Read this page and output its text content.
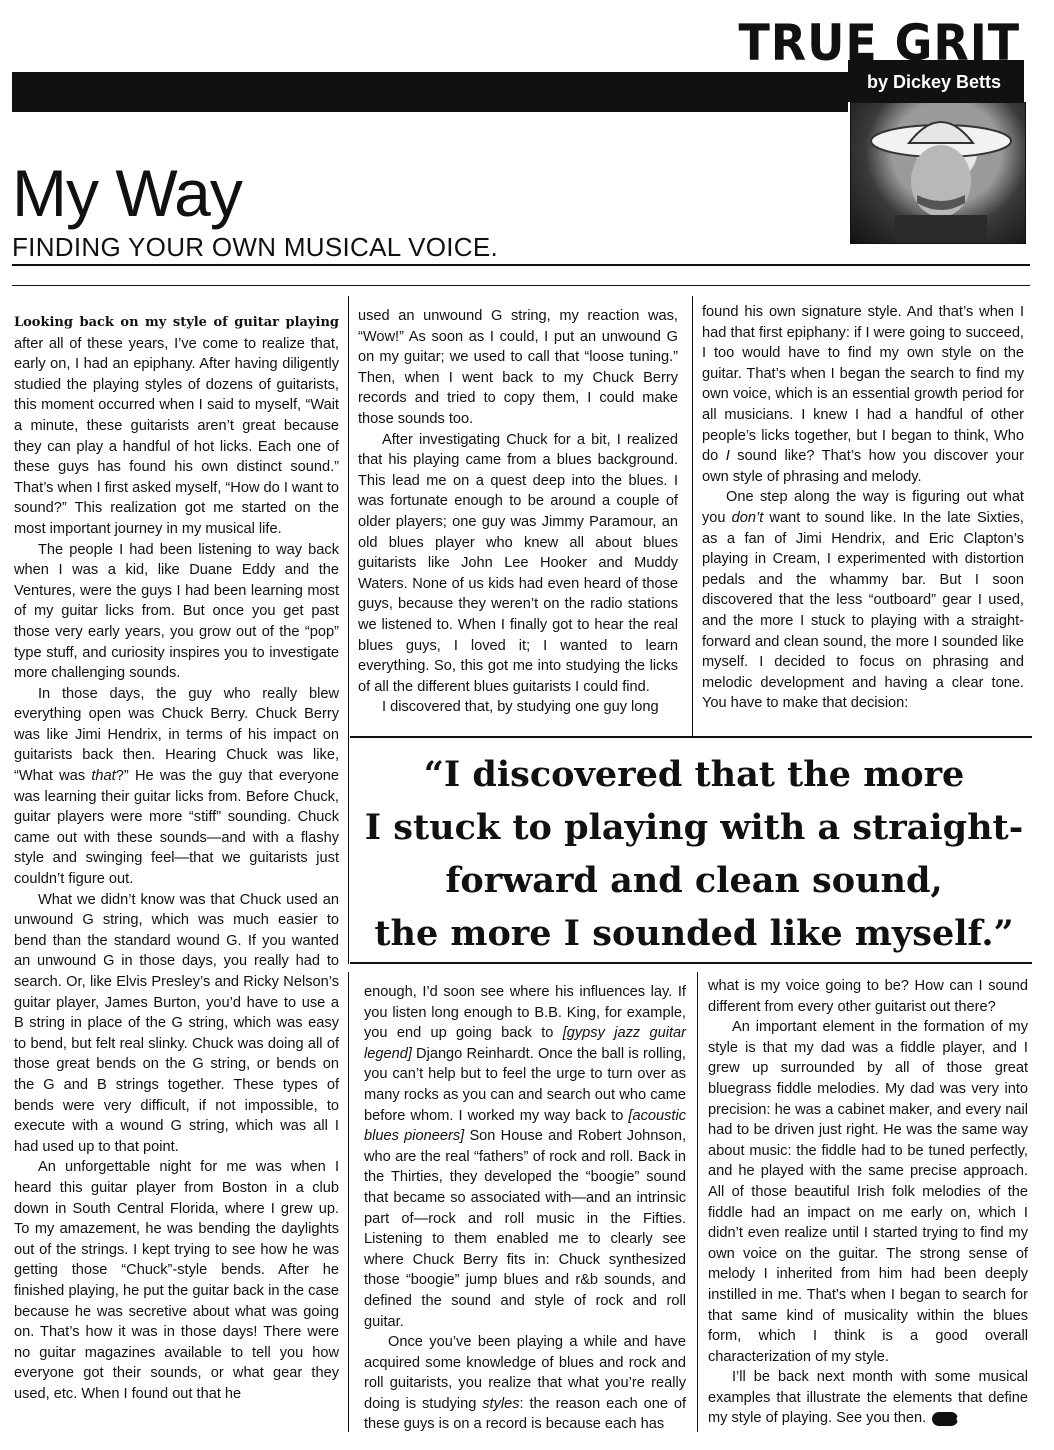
TRUE GRIT
by Dickey Betts
My Way
FINDING YOUR OWN MUSICAL VOICE.

Looking back on my style of guitar playing after all of these years, I’ve come to realize that, early on, I had an epiphany. After having diligently studied the playing styles of dozens of guitarists, this moment occurred when I said to myself, “Wait a minute, these guitarists aren’t great because they can play a handful of hot licks. Each one of these guys has found his own distinct sound.” That’s when I first asked myself, “How do I want to sound?” This realization got me started on the most important journey in my musical life.

The people I had been listening to way back when I was a kid, like Duane Eddy and the Ventures, were the guys I had been learning most of my guitar licks from. But once you get past those very early years, you grow out of the “pop” type stuff, and curiosity inspires you to investigate more challenging sounds.

In those days, the guy who really blew everything open was Chuck Berry. Chuck Berry was like Jimi Hendrix, in terms of his impact on guitarists back then. Hearing Chuck was like, “What was that?” He was the guy that everyone was learning their guitar licks from. Before Chuck, guitar players were more “stiff” sounding. Chuck came out with these sounds—and with a flashy style and swinging feel—that we guitarists just couldn’t figure out.

What we didn’t know was that Chuck used an unwound G string, which was much easier to bend than the standard wound G. If you wanted an unwound G in those days, you really had to search. Or, like Elvis Presley’s and Ricky Nelson’s guitar player, James Burton, you’d have to use a B string in place of the G string, which was easy to bend, but felt real slinky. Chuck was doing all of those great bends on the G string, or bends on the G and B strings together. These types of bends were very difficult, if not impossible, to execute with a wound G string, which was all I had used up to that point.

An unforgettable night for me was when I heard this guitar player from Boston in a club down in South Central Florida, where I grew up. To my amazement, he was bending the daylights out of the strings. I kept trying to see how he was getting those “Chuck”-style bends. After he finished playing, he put the guitar back in the case because he was secretive about what was going on. That’s how it was in those days! There were no guitar magazines available to tell you how everyone got their sounds, or what gear they used, etc. When I found out that he

used an unwound G string, my reaction was, “Wow!” As soon as I could, I put an unwound G on my guitar; we used to call that “loose tuning.” Then, when I went back to my Chuck Berry records and tried to copy them, I could make those sounds too.

After investigating Chuck for a bit, I realized that his playing came from a blues background. This lead me on a quest deep into the blues. I was fortunate enough to be around a couple of older players; one guy was Jimmy Paramour, an old blues player who knew all about blues guitarists like John Lee Hooker and Muddy Waters. None of us kids had even heard of those guys, because they weren’t on the radio stations we listened to. When I finally got to hear the real blues guys, I loved it; I wanted to learn everything. So, this got me into studying the licks of all the different blues guitarists I could find.

I discovered that, by studying one guy long

found his own signature style. And that’s when I had that first epiphany: if I were going to succeed, I too would have to find my own style on the guitar. That’s when I began the search to find my own voice, which is an essential growth period for all musicians. I knew I had a handful of other people’s licks together, but I began to think, Who do I sound like? That’s how you discover your own style of phrasing and melody.

One step along the way is figuring out what you don’t want to sound like. In the late Sixties, as a fan of Jimi Hendrix, and Eric Clapton’s playing in Cream, I experimented with distortion pedals and the whammy bar. But I soon discovered that the less “outboard” gear I used, and the more I stuck to playing with a straight-forward and clean sound, the more I sounded like myself. I decided to focus on phrasing and melodic development and having a clear tone. You have to make that decision:

“I discovered that the more
I stuck to playing with a straight-
forward and clean sound,
the more I sounded like myself.”

enough, I’d soon see where his influences lay. If you listen long enough to B.B. King, for example, you end up going back to [gypsy jazz guitar legend] Django Reinhardt. Once the ball is rolling, you can’t help but to feel the urge to turn over as many rocks as you can and search out who came before whom. I worked my way back to [acoustic blues pioneers] Son House and Robert Johnson, who are the real “fathers” of rock and roll. Back in the Thirties, they developed the “boogie” sound that became so associated with—and an intrinsic part of—rock and roll music in the Fifties. Listening to them enabled me to clearly see where Chuck Berry fits in: Chuck synthesized those “boogie” jump blues and r&b sounds, and defined the sound and style of rock and roll guitar.

Once you’ve been playing a while and have acquired some knowledge of blues and rock and roll guitarists, you realize that what you’re really doing is studying styles: the reason each one of these guys is on a record is because each has

what is my voice going to be? How can I sound different from every other guitarist out there?

An important element in the formation of my style is that my dad was a fiddle player, and I grew up surrounded by all of those great bluegrass fiddle melodies. My dad was very into precision: he was a cabinet maker, and every nail had to be driven just right. He was the same way about music: the fiddle had to be tuned perfectly, and he played with the same precise approach. All of those beautiful Irish folk melodies of the fiddle had an impact on me early on, which I didn’t even realize until I started trying to find my own voice on the guitar. The strong sense of melody I inherited from him had been deeply instilled in me. That’s when I began to search for that same kind of musicality within the blues form, which I think is a good overall characterization of my style.

I’ll be back next month with some musical examples that illustrate the elements that define my style of playing. See you then.	GW
